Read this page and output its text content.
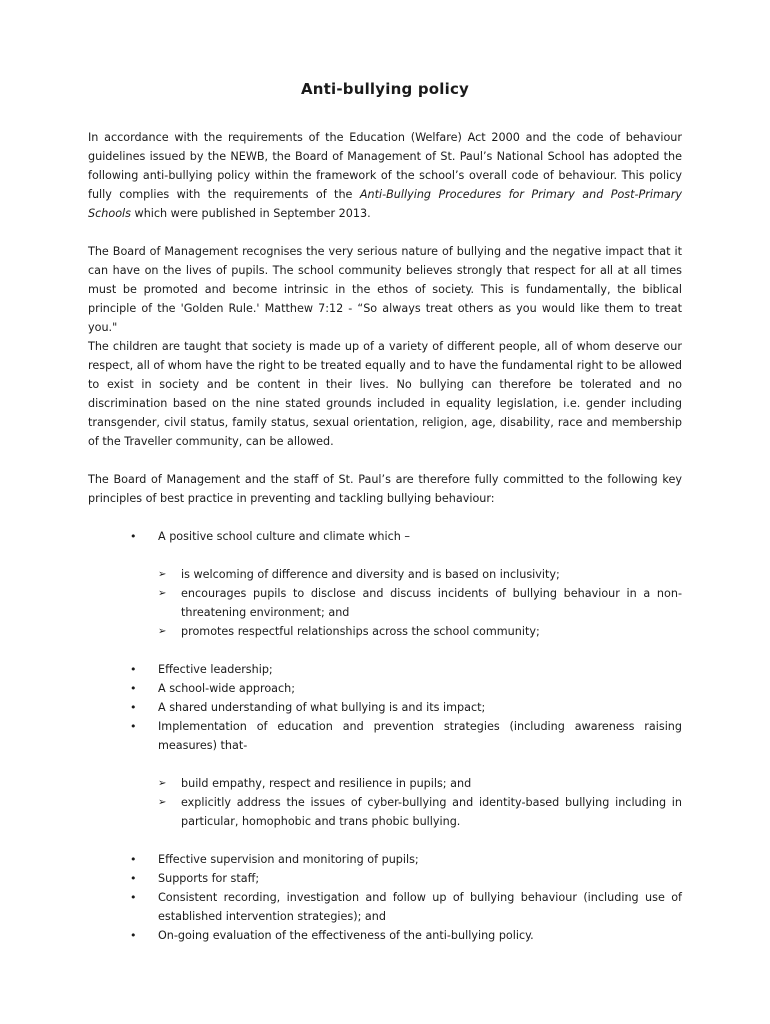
Anti-bullying policy

In accordance with the requirements of the Education (Welfare) Act 2000 and the code of behaviour guidelines issued by the NEWB, the Board of Management of St. Paul’s National School has adopted the following anti-bullying policy within the framework of the school’s overall code of behaviour. This policy fully complies with the requirements of the Anti-Bullying Procedures for Primary and Post-Primary Schools which were published in September 2013.

The Board of Management recognises the very serious nature of bullying and the negative impact that it can have on the lives of pupils. The school community believes strongly that respect for all at all times must be promoted and become intrinsic in the ethos of society. This is fundamentally, the biblical principle of the 'Golden Rule.' Matthew 7:12 - “So always treat others as you would like them to treat you."

The children are taught that society is made up of a variety of different people, all of whom deserve our respect, all of whom have the right to be treated equally and to have the fundamental right to be allowed to exist in society and be content in their lives. No bullying can therefore be tolerated and no discrimination based on the nine stated grounds included in equality legislation, i.e. gender including transgender, civil status, family status, sexual orientation, religion, age, disability, race and membership of the Traveller community, can be allowed.

The Board of Management and the staff of St. Paul’s are therefore fully committed to the following key principles of best practice in preventing and tackling bullying behaviour:

• A positive school culture and climate which –
➢ is welcoming of difference and diversity and is based on inclusivity;
➢ encourages pupils to disclose and discuss incidents of bullying behaviour in a non-threatening environment; and
➢ promotes respectful relationships across the school community;
• Effective leadership;
• A school-wide approach;
• A shared understanding of what bullying is and its impact;
• Implementation of education and prevention strategies (including awareness raising measures) that-
➢ build empathy, respect and resilience in pupils; and
➢ explicitly address the issues of cyber-bullying and identity-based bullying including in particular, homophobic and trans phobic bullying.
• Effective supervision and monitoring of pupils;
• Supports for staff;
• Consistent recording, investigation and follow up of bullying behaviour (including use of established intervention strategies); and
• On-going evaluation of the effectiveness of the anti-bullying policy.
